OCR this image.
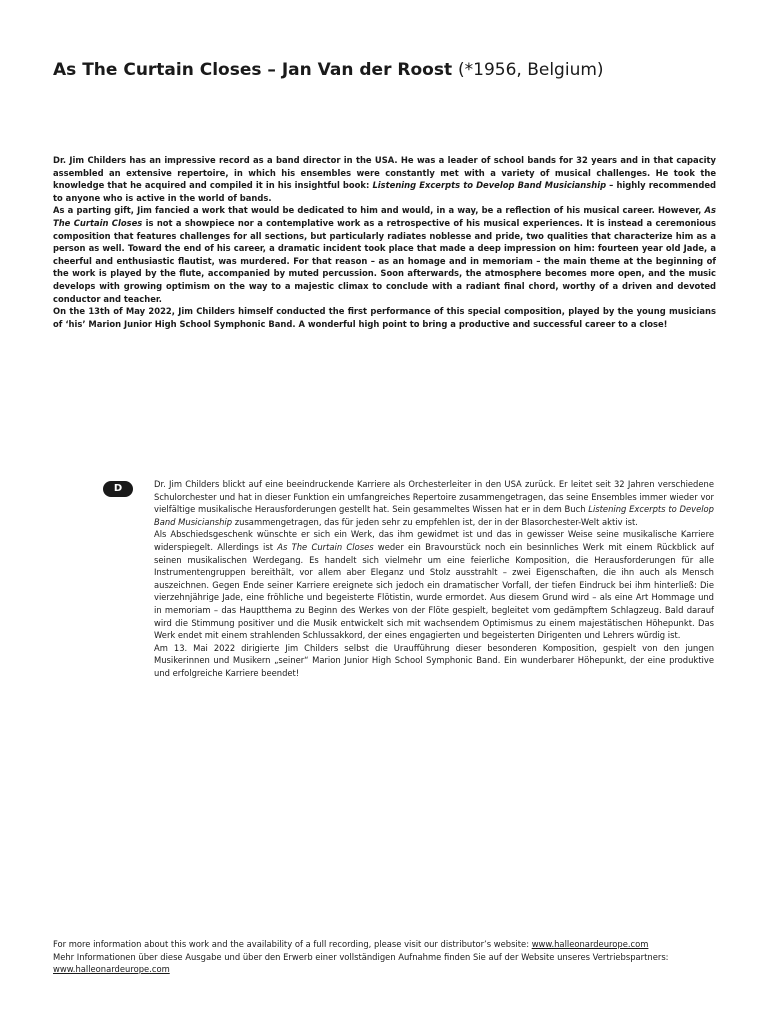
As The Curtain Closes – Jan Van der Roost (*1956, Belgium)

Dr. Jim Childers has an impressive record as a band director in the USA. He was a leader of school bands for 32 years and in that capacity assembled an extensive repertoire, in which his ensembles were constantly met with a variety of musical challenges. He took the knowledge that he acquired and compiled it in his insightful book: Listening Excerpts to Develop Band Musicianship – highly recommended to anyone who is active in the world of bands.

As a parting gift, Jim fancied a work that would be dedicated to him and would, in a way, be a reflection of his musical career. However, As The Curtain Closes is not a showpiece nor a contemplative work as a retrospective of his musical experiences. It is instead a ceremonious composition that features challenges for all sections, but particularly radiates noblesse and pride, two qualities that characterize him as a person as well. Toward the end of his career, a dramatic incident took place that made a deep impression on him: fourteen year old Jade, a cheerful and enthusiastic flautist, was murdered. For that reason – as an homage and in memoriam – the main theme at the beginning of the work is played by the flute, accompanied by muted percussion. Soon afterwards, the atmosphere becomes more open, and the music develops with growing optimism on the way to a majestic climax to conclude with a radiant final chord, worthy of a driven and devoted conductor and teacher.

On the 13th of May 2022, Jim Childers himself conducted the first performance of this special composition, played by the young musicians of ‘his’ Marion Junior High School Symphonic Band. A wonderful high point to bring a productive and successful career to a close!

D	Dr. Jim Childers blickt auf eine beeindruckende Karriere als Orchesterleiter in den USA zurück. Er leitet seit 32 Jahren verschiedene Schulorchester und hat in dieser Funktion ein umfangreiches Repertoire zusammengetragen, das seine Ensembles immer wieder vor vielfältige musikalische Herausforderungen gestellt hat. Sein gesammeltes Wissen hat er in dem Buch Listening Excerpts to Develop Band Musicianship zusammengetragen, das für jeden sehr zu empfehlen ist, der in der Blasorchester-Welt aktiv ist.

Als Abschiedsgeschenk wünschte er sich ein Werk, das ihm gewidmet ist und das in gewisser Weise seine musikalische Karriere widerspiegelt. Allerdings ist As The Curtain Closes weder ein Bravourstück noch ein besinnliches Werk mit einem Rückblick auf seinen musikalischen Werdegang. Es handelt sich vielmehr um eine feierliche Komposition, die Herausforderungen für alle Instrumentengruppen bereithält, vor allem aber Eleganz und Stolz ausstrahlt – zwei Eigenschaften, die ihn auch als Mensch auszeichnen. Gegen Ende seiner Karriere ereignete sich jedoch ein dramatischer Vorfall, der tiefen Eindruck bei ihm hinterließ: Die vierzehnjährige Jade, eine fröhliche und begeisterte Flötistin, wurde ermordet. Aus diesem Grund wird – als eine Art Hommage und in memoriam – das Hauptthema zu Beginn des Werkes von der Flöte gespielt, begleitet vom gedämpftem Schlagzeug. Bald darauf wird die Stimmung positiver und die Musik entwickelt sich mit wachsendem Optimismus zu einem majestätischen Höhepunkt. Das Werk endet mit einem strahlenden Schlussakkord, der eines engagierten und begeisterten Dirigenten und Lehrers würdig ist.

Am 13. Mai 2022 dirigierte Jim Childers selbst die Uraufführung dieser besonderen Komposition, gespielt von den jungen Musikerinnen und Musikern „seiner“ Marion Junior High School Symphonic Band. Ein wunderbarer Höhepunkt, der eine produktive und erfolgreiche Karriere beendet!

For more information about this work and the availability of a full recording, please visit our distributor’s website: www.halleonardeurope.com

Mehr Informationen über diese Ausgabe und über den Erwerb einer vollständigen Aufnahme finden Sie auf der Website unseres Vertriebspartners: www.halleonardeurope.com
